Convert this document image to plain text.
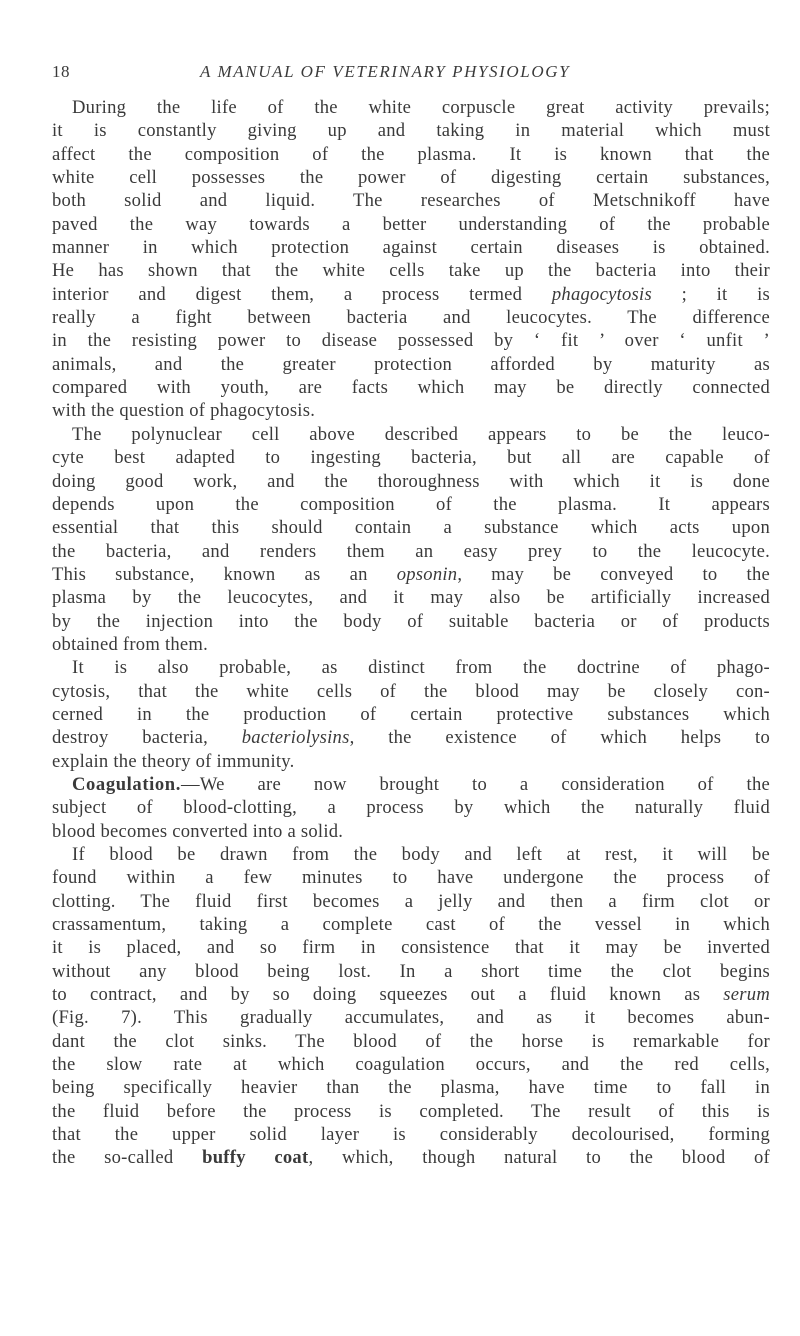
18	A MANUAL OF VETERINARY PHYSIOLOGY
During the life of the white corpuscle great activity prevails;
it is constantly giving up and taking in material which must
affect the composition of the plasma. It is known that the
white cell possesses the power of digesting certain substances,
both solid and liquid. The researches of Metschnikoff have
paved the way towards a better understanding of the probable
manner in which protection against certain diseases is obtained.
He has shown that the white cells take up the bacteria into their
interior and digest them, a process termed phagocytosis ; it is
really a fight between bacteria and leucocytes. The difference
in the resisting power to disease possessed by ‘ fit ’ over ‘ unfit ’
animals, and the greater protection afforded by maturity as
compared with youth, are facts which may be directly connected
with the question of phagocytosis.
The polynuclear cell above described appears to be the leuco-
cyte best adapted to ingesting bacteria, but all are capable of
doing good work, and the thoroughness with which it is done
depends upon the composition of the plasma. It appears
essential that this should contain a substance which acts upon
the bacteria, and renders them an easy prey to the leucocyte.
This substance, known as an opsonin, may be conveyed to the
plasma by the leucocytes, and it may also be artificially increased
by the injection into the body of suitable bacteria or of products
obtained from them.
It is also probable, as distinct from the doctrine of phago-
cytosis, that the white cells of the blood may be closely con-
cerned in the production of certain protective substances which
destroy bacteria, bacteriolysins, the existence of which helps to
explain the theory of immunity.
Coagulation.—We are now brought to a consideration of the
subject of blood-clotting, a process by which the naturally fluid
blood becomes converted into a solid.
If blood be drawn from the body and left at rest, it will be
found within a few minutes to have undergone the process of
clotting. The fluid first becomes a jelly and then a firm clot or
crassamentum, taking a complete cast of the vessel in which
it is placed, and so firm in consistence that it may be inverted
without any blood being lost. In a short time the clot begins
to contract, and by so doing squeezes out a fluid known as serum
(Fig. 7). This gradually accumulates, and as it becomes abun-
dant the clot sinks. The blood of the horse is remarkable for
the slow rate at which coagulation occurs, and the red cells,
being specifically heavier than the plasma, have time to fall in
the fluid before the process is completed. The result of this is
that the upper solid layer is considerably decolourised, forming
the so-called buffy coat, which, though natural to the blood of
